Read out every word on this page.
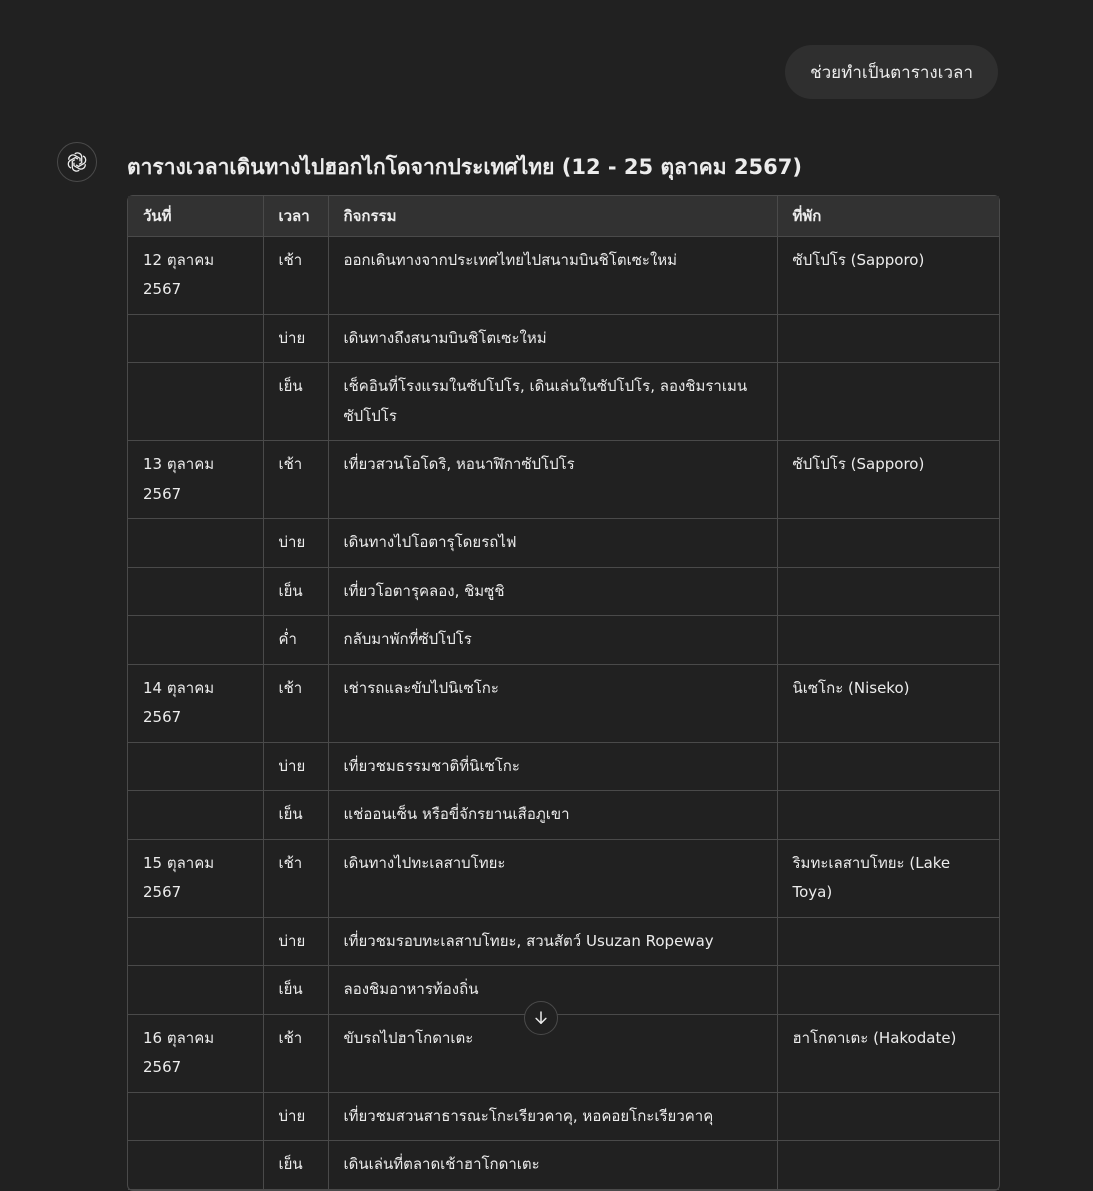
ช่วยทำเป็นตารางเวลา
ตารางเวลาเดินทางไปฮอกไกโดจากประเทศไทย (12 - 25 ตุลาคม 2567)
วันที่	เวลา	กิจกรรม	ที่พัก
12 ตุลาคม 2567	เช้า	ออกเดินทางจากประเทศไทยไปสนามบินชิโตเซะใหม่	ซัปโปโร (Sapporo)
	บ่าย	เดินทางถึงสนามบินชิโตเซะใหม่	
	เย็น	เช็คอินที่โรงแรมในซัปโปโร, เดินเล่นในซัปโปโร, ลองชิมราเมนซัปโปโร	
13 ตุลาคม 2567	เช้า	เที่ยวสวนโอโดริ, หอนาฬิกาซัปโปโร	ซัปโปโร (Sapporo)
	บ่าย	เดินทางไปโอตารุโดยรถไฟ	
	เย็น	เที่ยวโอตารุคลอง, ชิมซูชิ	
	ค่ำ	กลับมาพักที่ซัปโปโร	
14 ตุลาคม 2567	เช้า	เช่ารถและขับไปนิเซโกะ	นิเซโกะ (Niseko)
	บ่าย	เที่ยวชมธรรมชาติที่นิเซโกะ	
	เย็น	แช่ออนเซ็น หรือขี่จักรยานเสือภูเขา	
15 ตุลาคม 2567	เช้า	เดินทางไปทะเลสาบโทยะ	ริมทะเลสาบโทยะ (Lake Toya)
	บ่าย	เที่ยวชมรอบทะเลสาบโทยะ, สวนสัตว์ Usuzan Ropeway	
	เย็น	ลองชิมอาหารท้องถิ่น	
16 ตุลาคม 2567	เช้า	ขับรถไปฮาโกดาเตะ	ฮาโกดาเตะ (Hakodate)
	บ่าย	เที่ยวชมสวนสาธารณะโกะเรียวคาคุ, หอคอยโกะเรียวคาคุ	
	เย็น	เดินเล่นที่ตลาดเช้าฮาโกดาเตะ	
